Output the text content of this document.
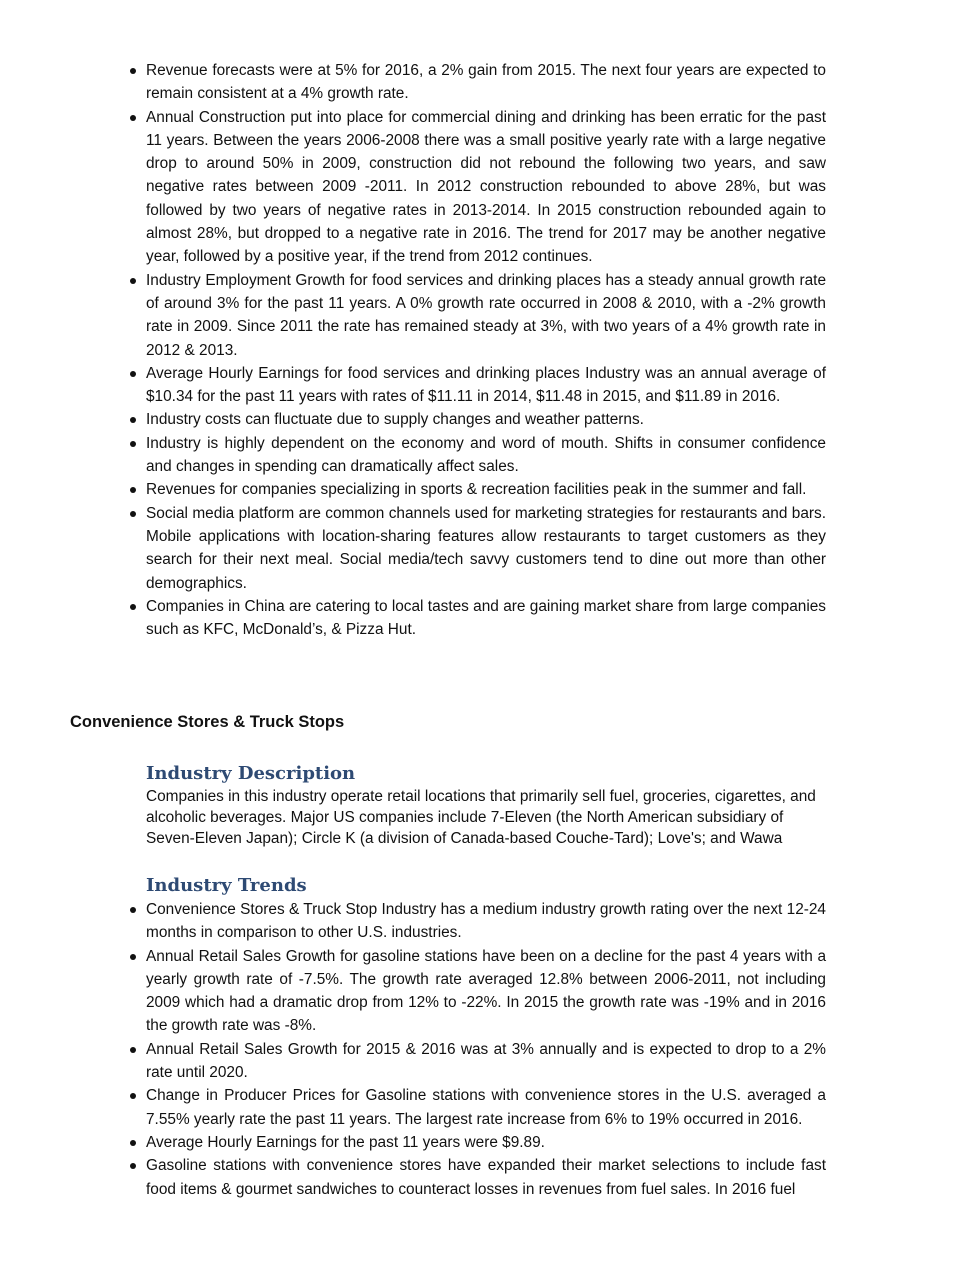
Revenue forecasts were at 5% for 2016, a 2% gain from 2015. The next four years are expected to remain consistent at a 4% growth rate.
Annual Construction put into place for commercial dining and drinking has been erratic for the past 11 years. Between the years 2006-2008 there was a small positive yearly rate with a large negative drop to around 50% in 2009, construction did not rebound the following two years, and saw negative rates between 2009 -2011. In 2012 construction rebounded to above 28%, but was followed by two years of negative rates in 2013-2014. In 2015 construction rebounded again to almost 28%, but dropped to a negative rate in 2016. The trend for 2017 may be another negative year, followed by a positive year, if the trend from 2012 continues.
Industry Employment Growth for food services and drinking places has a steady annual growth rate of around 3% for the past 11 years. A 0% growth rate occurred in 2008 & 2010, with a -2% growth rate in 2009. Since 2011 the rate has remained steady at 3%, with two years of a 4% growth rate in 2012 & 2013.
Average Hourly Earnings for food services and drinking places Industry was an annual average of $10.34 for the past 11 years with rates of $11.11 in 2014, $11.48 in 2015, and $11.89 in 2016.
Industry costs can fluctuate due to supply changes and weather patterns.
Industry is highly dependent on the economy and word of mouth. Shifts in consumer confidence and changes in spending can dramatically affect sales.
Revenues for companies specializing in sports & recreation facilities peak in the summer and fall.
Social media platform are common channels used for marketing strategies for restaurants and bars. Mobile applications with location-sharing features allow restaurants to target customers as they search for their next meal. Social media/tech savvy customers tend to dine out more than other demographics.
Companies in China are catering to local tastes and are gaining market share from large companies such as KFC, McDonald’s, & Pizza Hut.
Convenience Stores & Truck Stops
Industry Description

Companies in this industry operate retail locations that primarily sell fuel, groceries, cigarettes, and alcoholic beverages. Major US companies include 7-Eleven (the North American subsidiary of Seven-Eleven Japan); Circle K (a division of Canada-based Couche-Tard); Love's; and Wawa

Industry Trends
Convenience Stores & Truck Stop Industry has a medium industry growth rating over the next 12-24 months in comparison to other U.S. industries.
Annual Retail Sales Growth for gasoline stations have been on a decline for the past 4 years with a yearly growth rate of -7.5%. The growth rate averaged 12.8% between 2006-2011, not including 2009 which had a dramatic drop from 12% to -22%. In 2015 the growth rate was -19% and in 2016 the growth rate was -8%.
Annual Retail Sales Growth for 2015 & 2016 was at 3% annually and is expected to drop to a 2% rate until 2020.
Change in Producer Prices for Gasoline stations with convenience stores in the U.S. averaged a 7.55% yearly rate the past 11 years. The largest rate increase from 6% to 19% occurred in 2016.
Average Hourly Earnings for the past 11 years were $9.89.
Gasoline stations with convenience stores have expanded their market selections to include fast food items & gourmet sandwiches to counteract losses in revenues from fuel sales. In 2016 fuel
